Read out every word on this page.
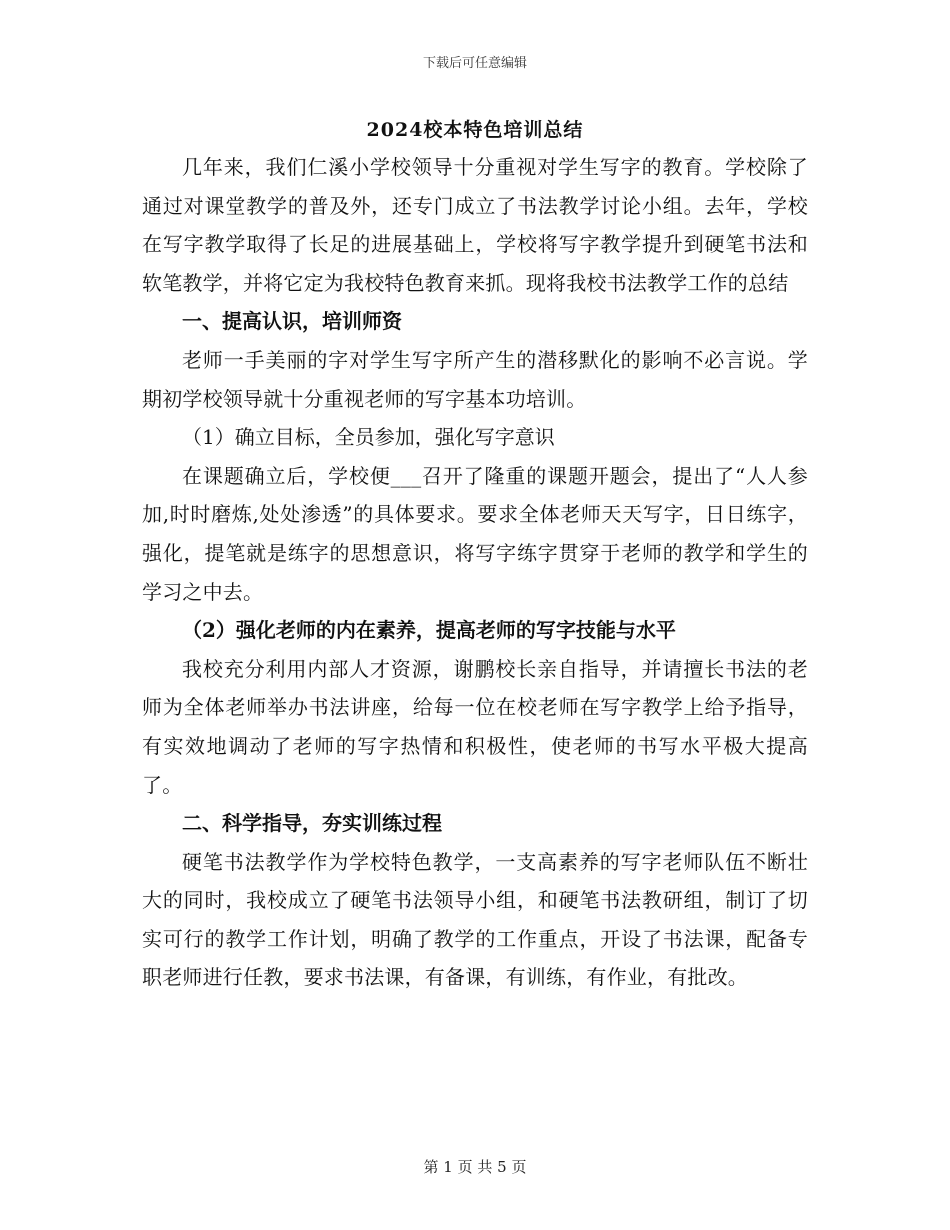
下载后可任意编辑
2024校本特色培训总结

几年来，我们仁溪小学校领导十分重视对学生写字的教育。学校除了通过对课堂教学的普及外，还专门成立了书法教学讨论小组。去年，学校在写字教学取得了长足的进展基础上，学校将写字教学提升到硬笔书法和软笔教学，并将它定为我校特色教育来抓。现将我校书法教学工作的总结

一、提高认识，培训师资

老师一手美丽的字对学生写字所产生的潜移默化的影响不必言说。学期初学校领导就十分重视老师的写字基本功培训。

（1）确立目标，全员参加，强化写字意识

在课题确立后，学校便___召开了隆重的课题开题会，提出了“人人参加,时时磨炼,处处渗透”的具体要求。要求全体老师天天写字，日日练字，强化，提笔就是练字的思想意识，将写字练字贯穿于老师的教学和学生的学习之中去。

（2）强化老师的内在素养，提高老师的写字技能与水平

我校充分利用内部人才资源，谢鹏校长亲自指导，并请擅长书法的老师为全体老师举办书法讲座，给每一位在校老师在写字教学上给予指导，有实效地调动了老师的写字热情和积极性，使老师的书写水平极大提高了。

二、科学指导，夯实训练过程

硬笔书法教学作为学校特色教学，一支高素养的写字老师队伍不断壮大的同时，我校成立了硬笔书法领导小组，和硬笔书法教研组，制订了切实可行的教学工作计划，明确了教学的工作重点，开设了书法课，配备专职老师进行任教，要求书法课，有备课，有训练，有作业，有批改。

第 1 页 共 5 页
